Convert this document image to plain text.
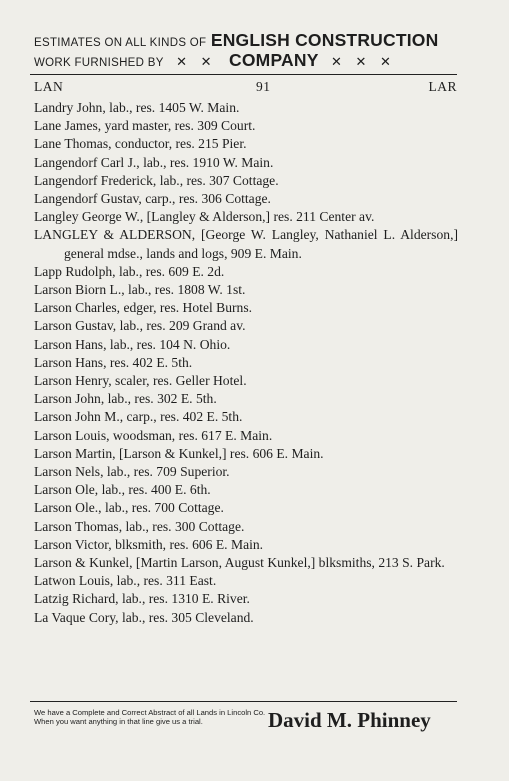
ESTIMATES ON ALL KINDS OF ENGLISH CONSTRUCTION
WORK FURNISHED BY ✕ ✕ COMPANY ✕ ✕ ✕
LAN	91	LAR
Landry John, lab., res. 1405 W. Main.
Lane James, yard master, res. 309 Court.
Lane Thomas, conductor, res. 215 Pier.
Langendorf Carl J., lab., res. 1910 W. Main.
Langendorf Frederick, lab., res. 307 Cottage.
Langendorf Gustav, carp., res. 306 Cottage.
Langley George W., [Langley & Alderson,] res. 211 Center av.
LANGLEY & ALDERSON, [George W. Langley, Nathaniel L. Alderson,] general mdse., lands and logs, 909 E. Main.
Lapp Rudolph, lab., res. 609 E. 2d.
Larson Biorn L., lab., res. 1808 W. 1st.
Larson Charles, edger, res. Hotel Burns.
Larson Gustav, lab., res. 209 Grand av.
Larson Hans, lab., res. 104 N. Ohio.
Larson Hans, res. 402 E. 5th.
Larson Henry, scaler, res. Geller Hotel.
Larson John, lab., res. 302 E. 5th.
Larson John M., carp., res. 402 E. 5th.
Larson Louis, woodsman, res. 617 E. Main.
Larson Martin, [Larson & Kunkel,] res. 606 E. Main.
Larson Nels, lab., res. 709 Superior.
Larson Ole, lab., res. 400 E. 6th.
Larson Ole., lab., res. 700 Cottage.
Larson Thomas, lab., res. 300 Cottage.
Larson Victor, blksmith, res. 606 E. Main.
Larson & Kunkel, [Martin Larson, August Kunkel,] blksmiths, 213 S. Park.
Latwon Louis, lab., res. 311 East.
Latzig Richard, lab., res. 1310 E. River.
La Vaque Cory, lab., res. 305 Cleveland.
We have a Complete and Correct Abstract of all Lands in Lincoln Co. When you want anything in that line give us a trial.	David M. Phinney
